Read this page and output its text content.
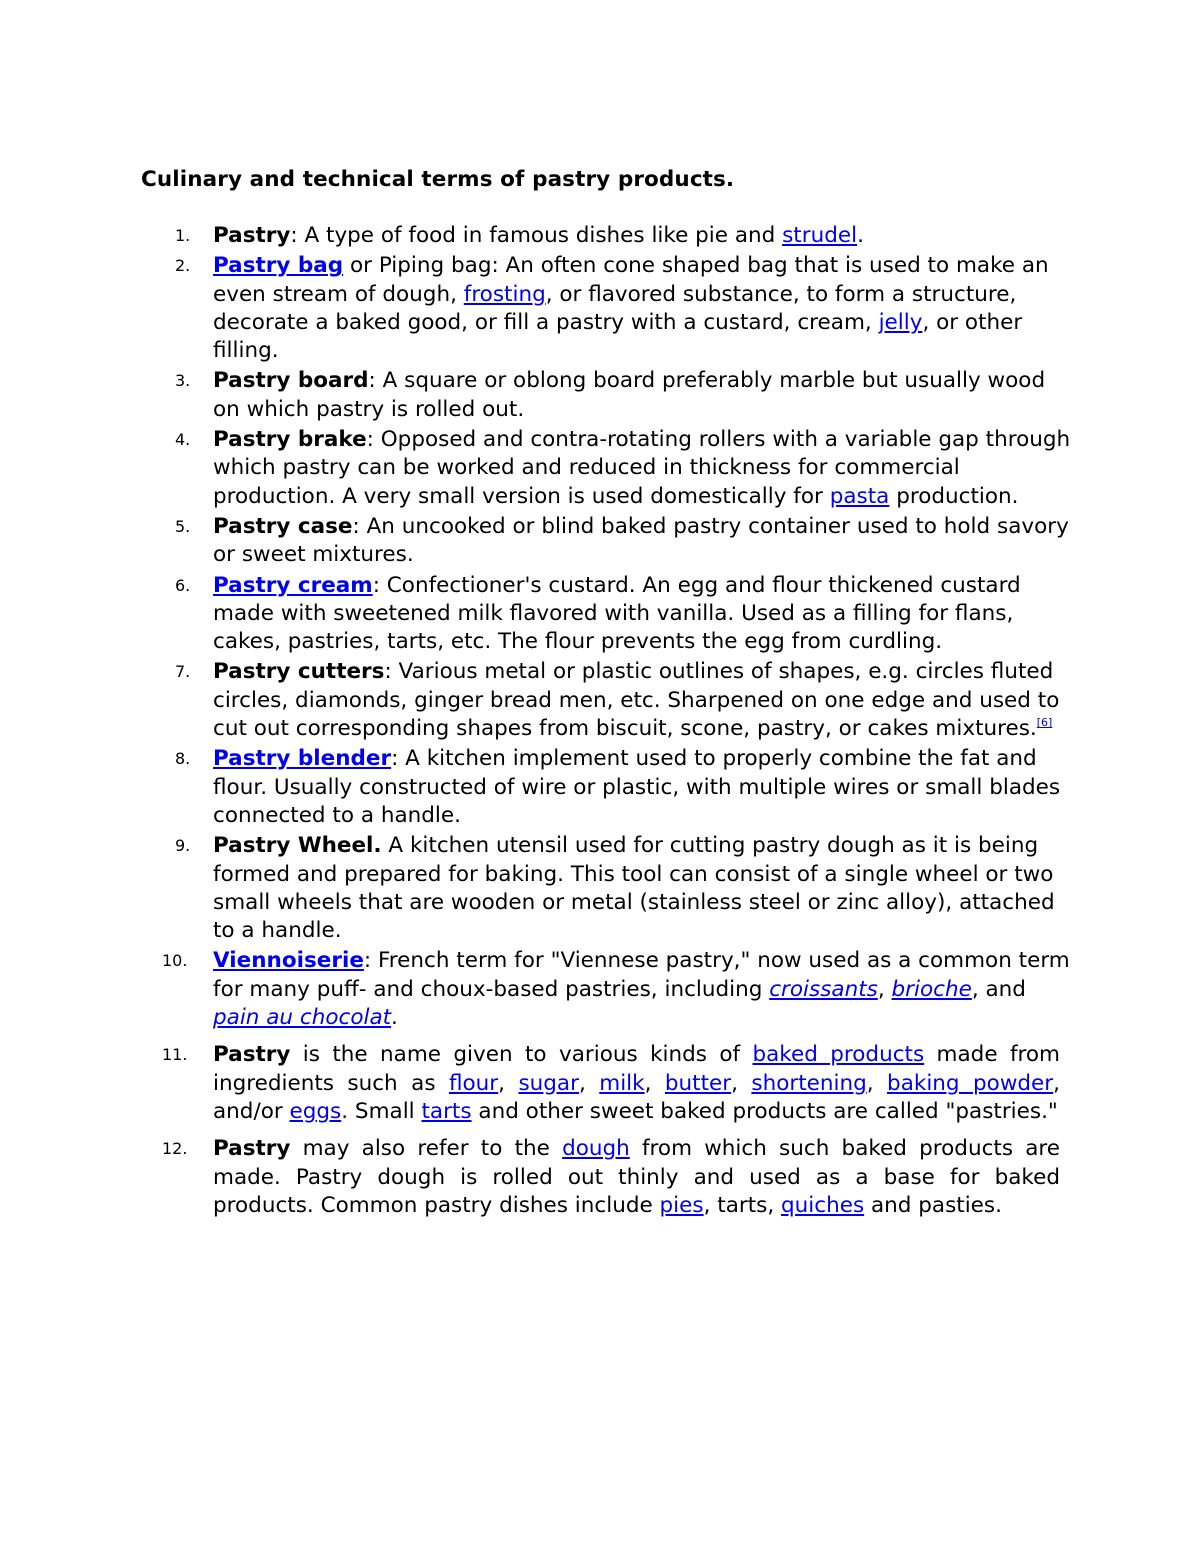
Culinary and technical terms of pastry products.
1.	Pastry: A type of food in famous dishes like pie and strudel.
2.	Pastry bag or Piping bag: An often cone shaped bag that is used to make an even stream of dough, frosting, or flavored substance, to form a structure, decorate a baked good, or fill a pastry with a custard, cream, jelly, or other filling.
3.	Pastry board: A square or oblong board preferably marble but usually wood on which pastry is rolled out.
4.	Pastry brake: Opposed and contra-rotating rollers with a variable gap through which pastry can be worked and reduced in thickness for commercial production. A very small version is used domestically for pasta production.
5.	Pastry case: An uncooked or blind baked pastry container used to hold savory or sweet mixtures.
6.	Pastry cream: Confectioner's custard. An egg and flour thickened custard made with sweetened milk flavored with vanilla. Used as a filling for flans, cakes, pastries, tarts, etc. The flour prevents the egg from curdling.
7.	Pastry cutters: Various metal or plastic outlines of shapes, e.g. circles fluted circles, diamonds, ginger bread men, etc. Sharpened on one edge and used to cut out corresponding shapes from biscuit, scone, pastry, or cakes mixtures.[6]
8.	Pastry blender: A kitchen implement used to properly combine the fat and flour. Usually constructed of wire or plastic, with multiple wires or small blades connected to a handle.
9.	Pastry Wheel. A kitchen utensil used for cutting pastry dough as it is being formed and prepared for baking. This tool can consist of a single wheel or two small wheels that are wooden or metal (stainless steel or zinc alloy), attached to a handle.
10.	Viennoiserie: French term for "Viennese pastry," now used as a common term for many puff- and choux-based pastries, including croissants, brioche, and pain au chocolat.
11.	Pastry is the name given to various kinds of baked products made from ingredients such as flour, sugar, milk, butter, shortening, baking powder, and/or eggs. Small tarts and other sweet baked products are called "pastries."
12.	Pastry may also refer to the dough from which such baked products are made. Pastry dough is rolled out thinly and used as a base for baked products. Common pastry dishes include pies, tarts, quiches and pasties.
